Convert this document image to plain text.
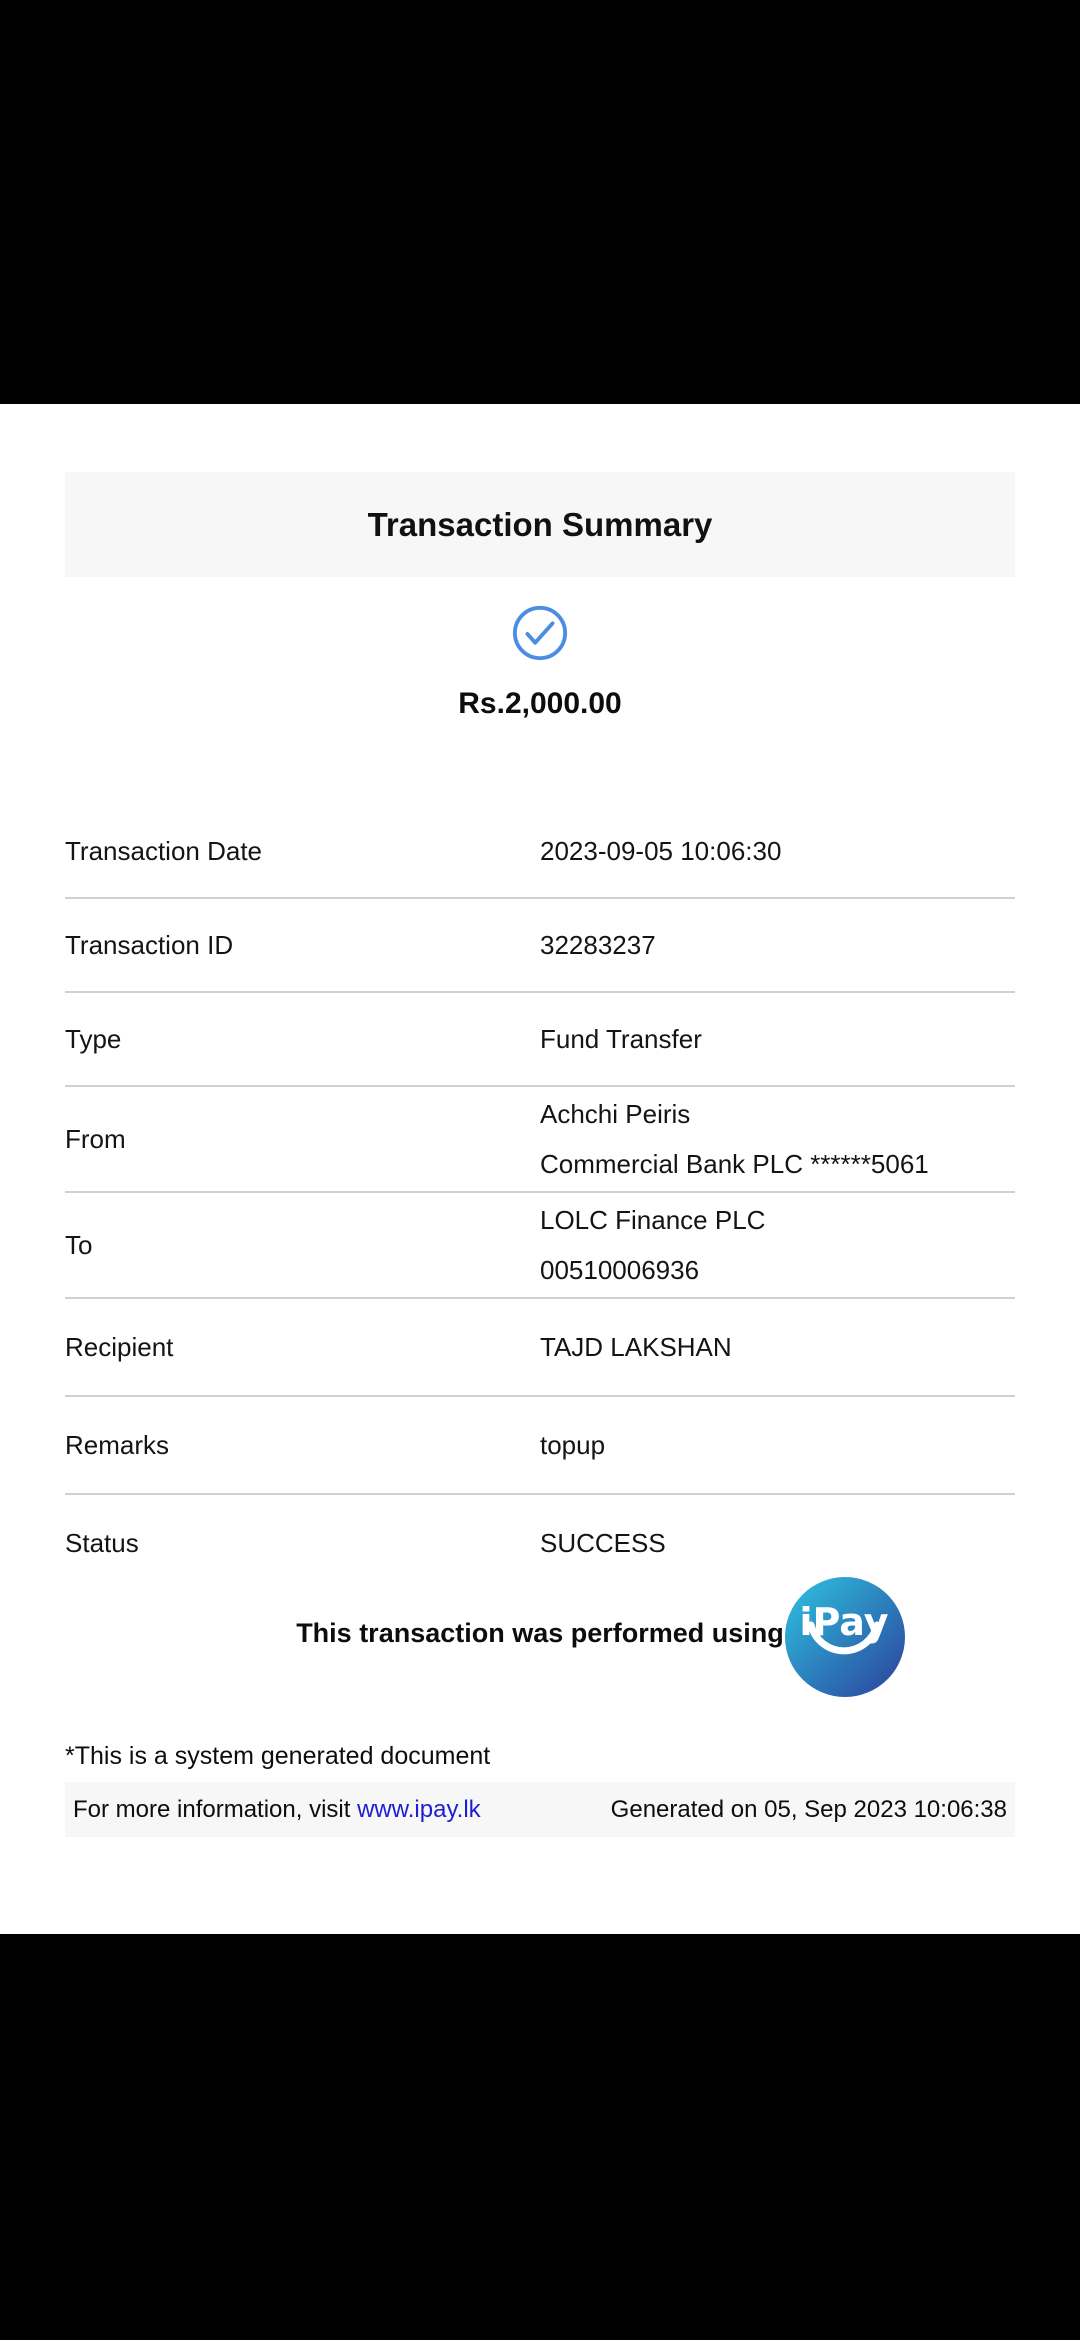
Transaction Summary
Rs.2,000.00
Transaction Date	2023-09-05 10:06:30
Transaction ID	32283237
Type	Fund Transfer
From	Achchi Peiris
Commercial Bank PLC ******5061

To	LOLC Finance PLC
00510006936

Recipient	TAJD LAKSHAN
Remarks	topup
Status	SUCCESS
This transaction was performed using iPay
*This is a system generated document
For more information, visit www.ipay.lk	Generated on 05, Sep 2023 10:06:38
